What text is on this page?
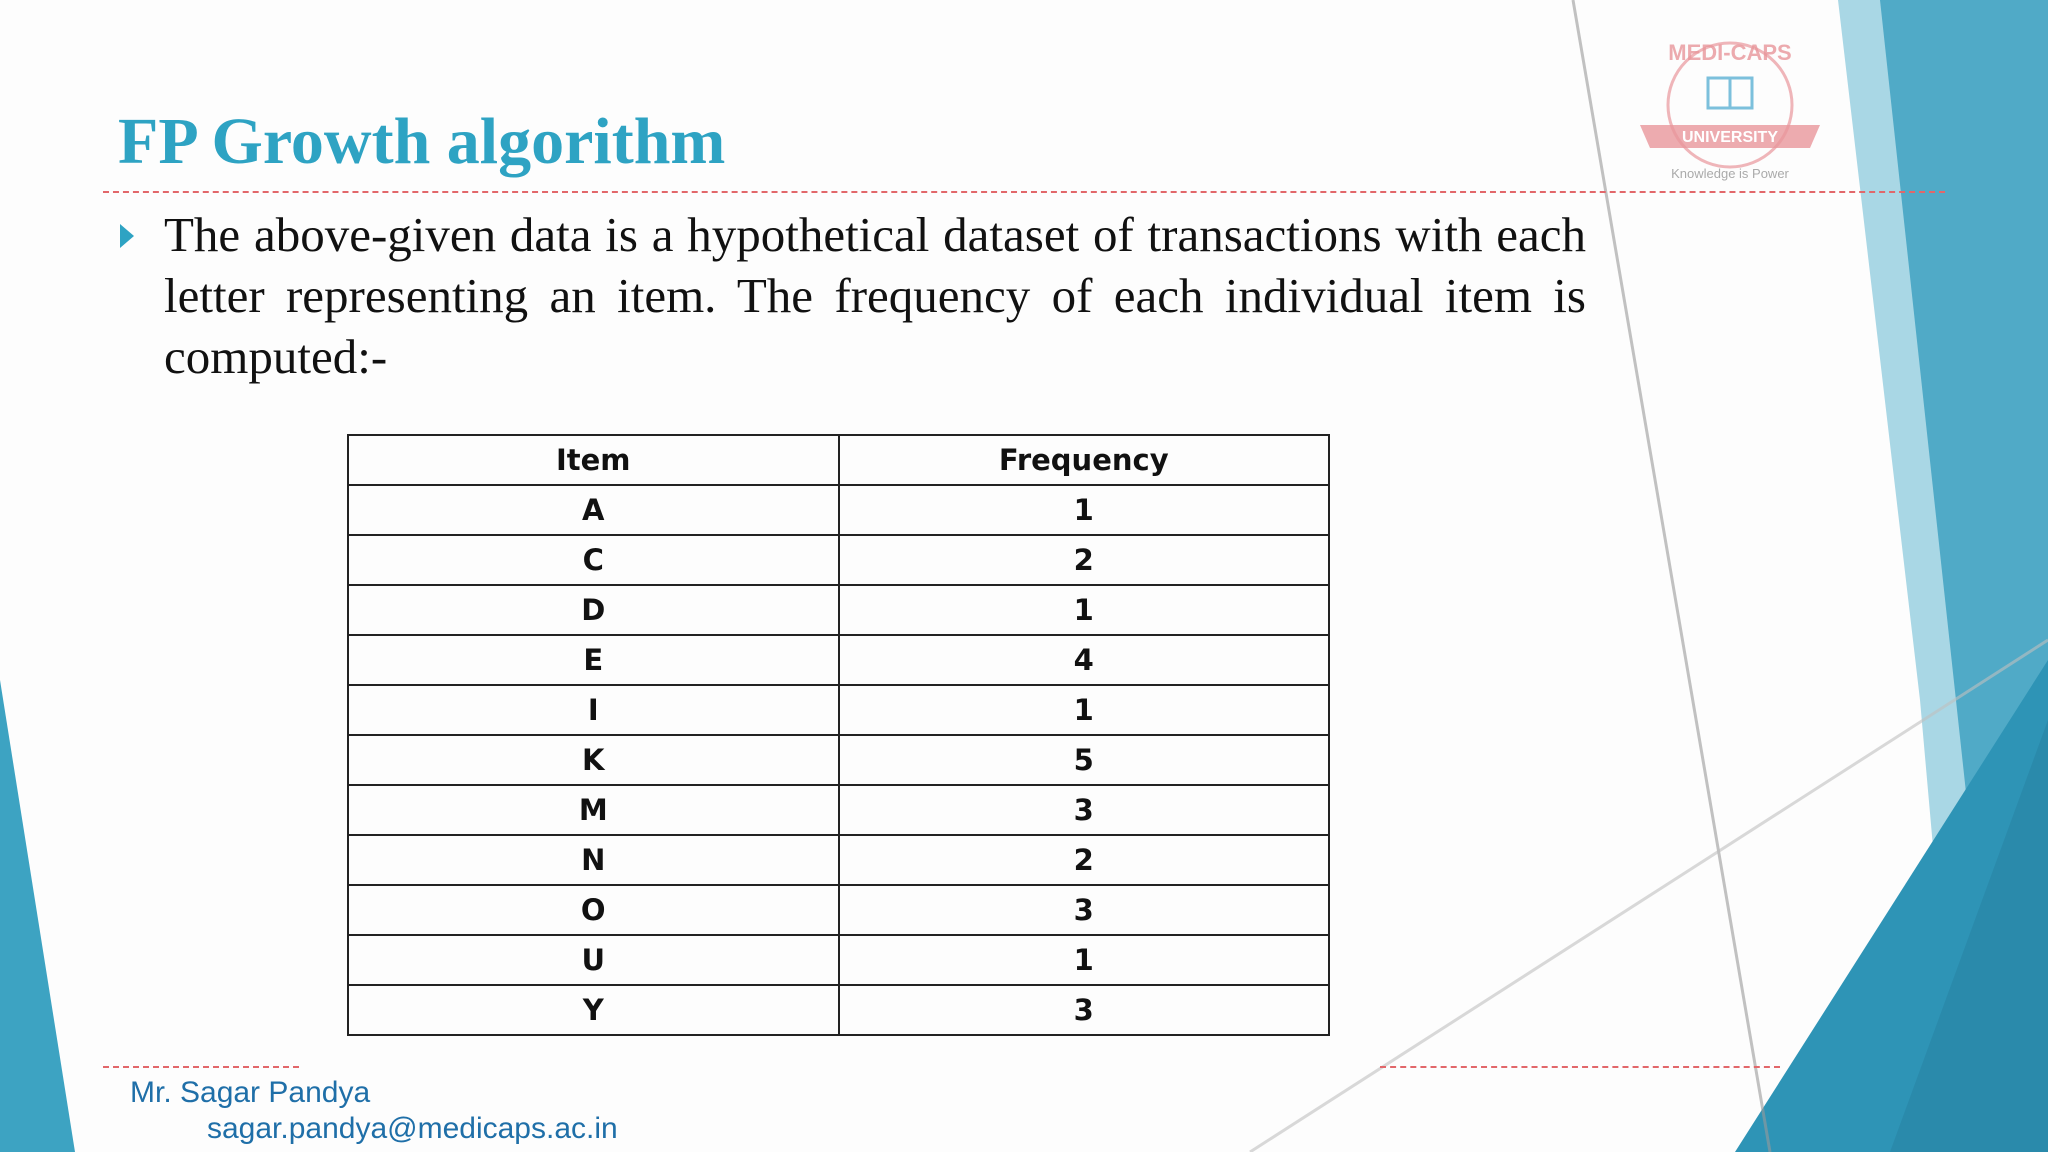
MEDI-CAPS
UNIVERSITY
Knowledge is Power
FP Growth algorithm

The above-given data is a hypothetical dataset of transactions with each letter representing an item. The frequency of each individual item is computed:-

Item	Frequency
A	1
C	2
D	1
E	4
I	1
K	5
M	3
N	2
O	3
U	1
Y	3
Mr. Sagar Pandya
sagar.pandya@medicaps.ac.in
